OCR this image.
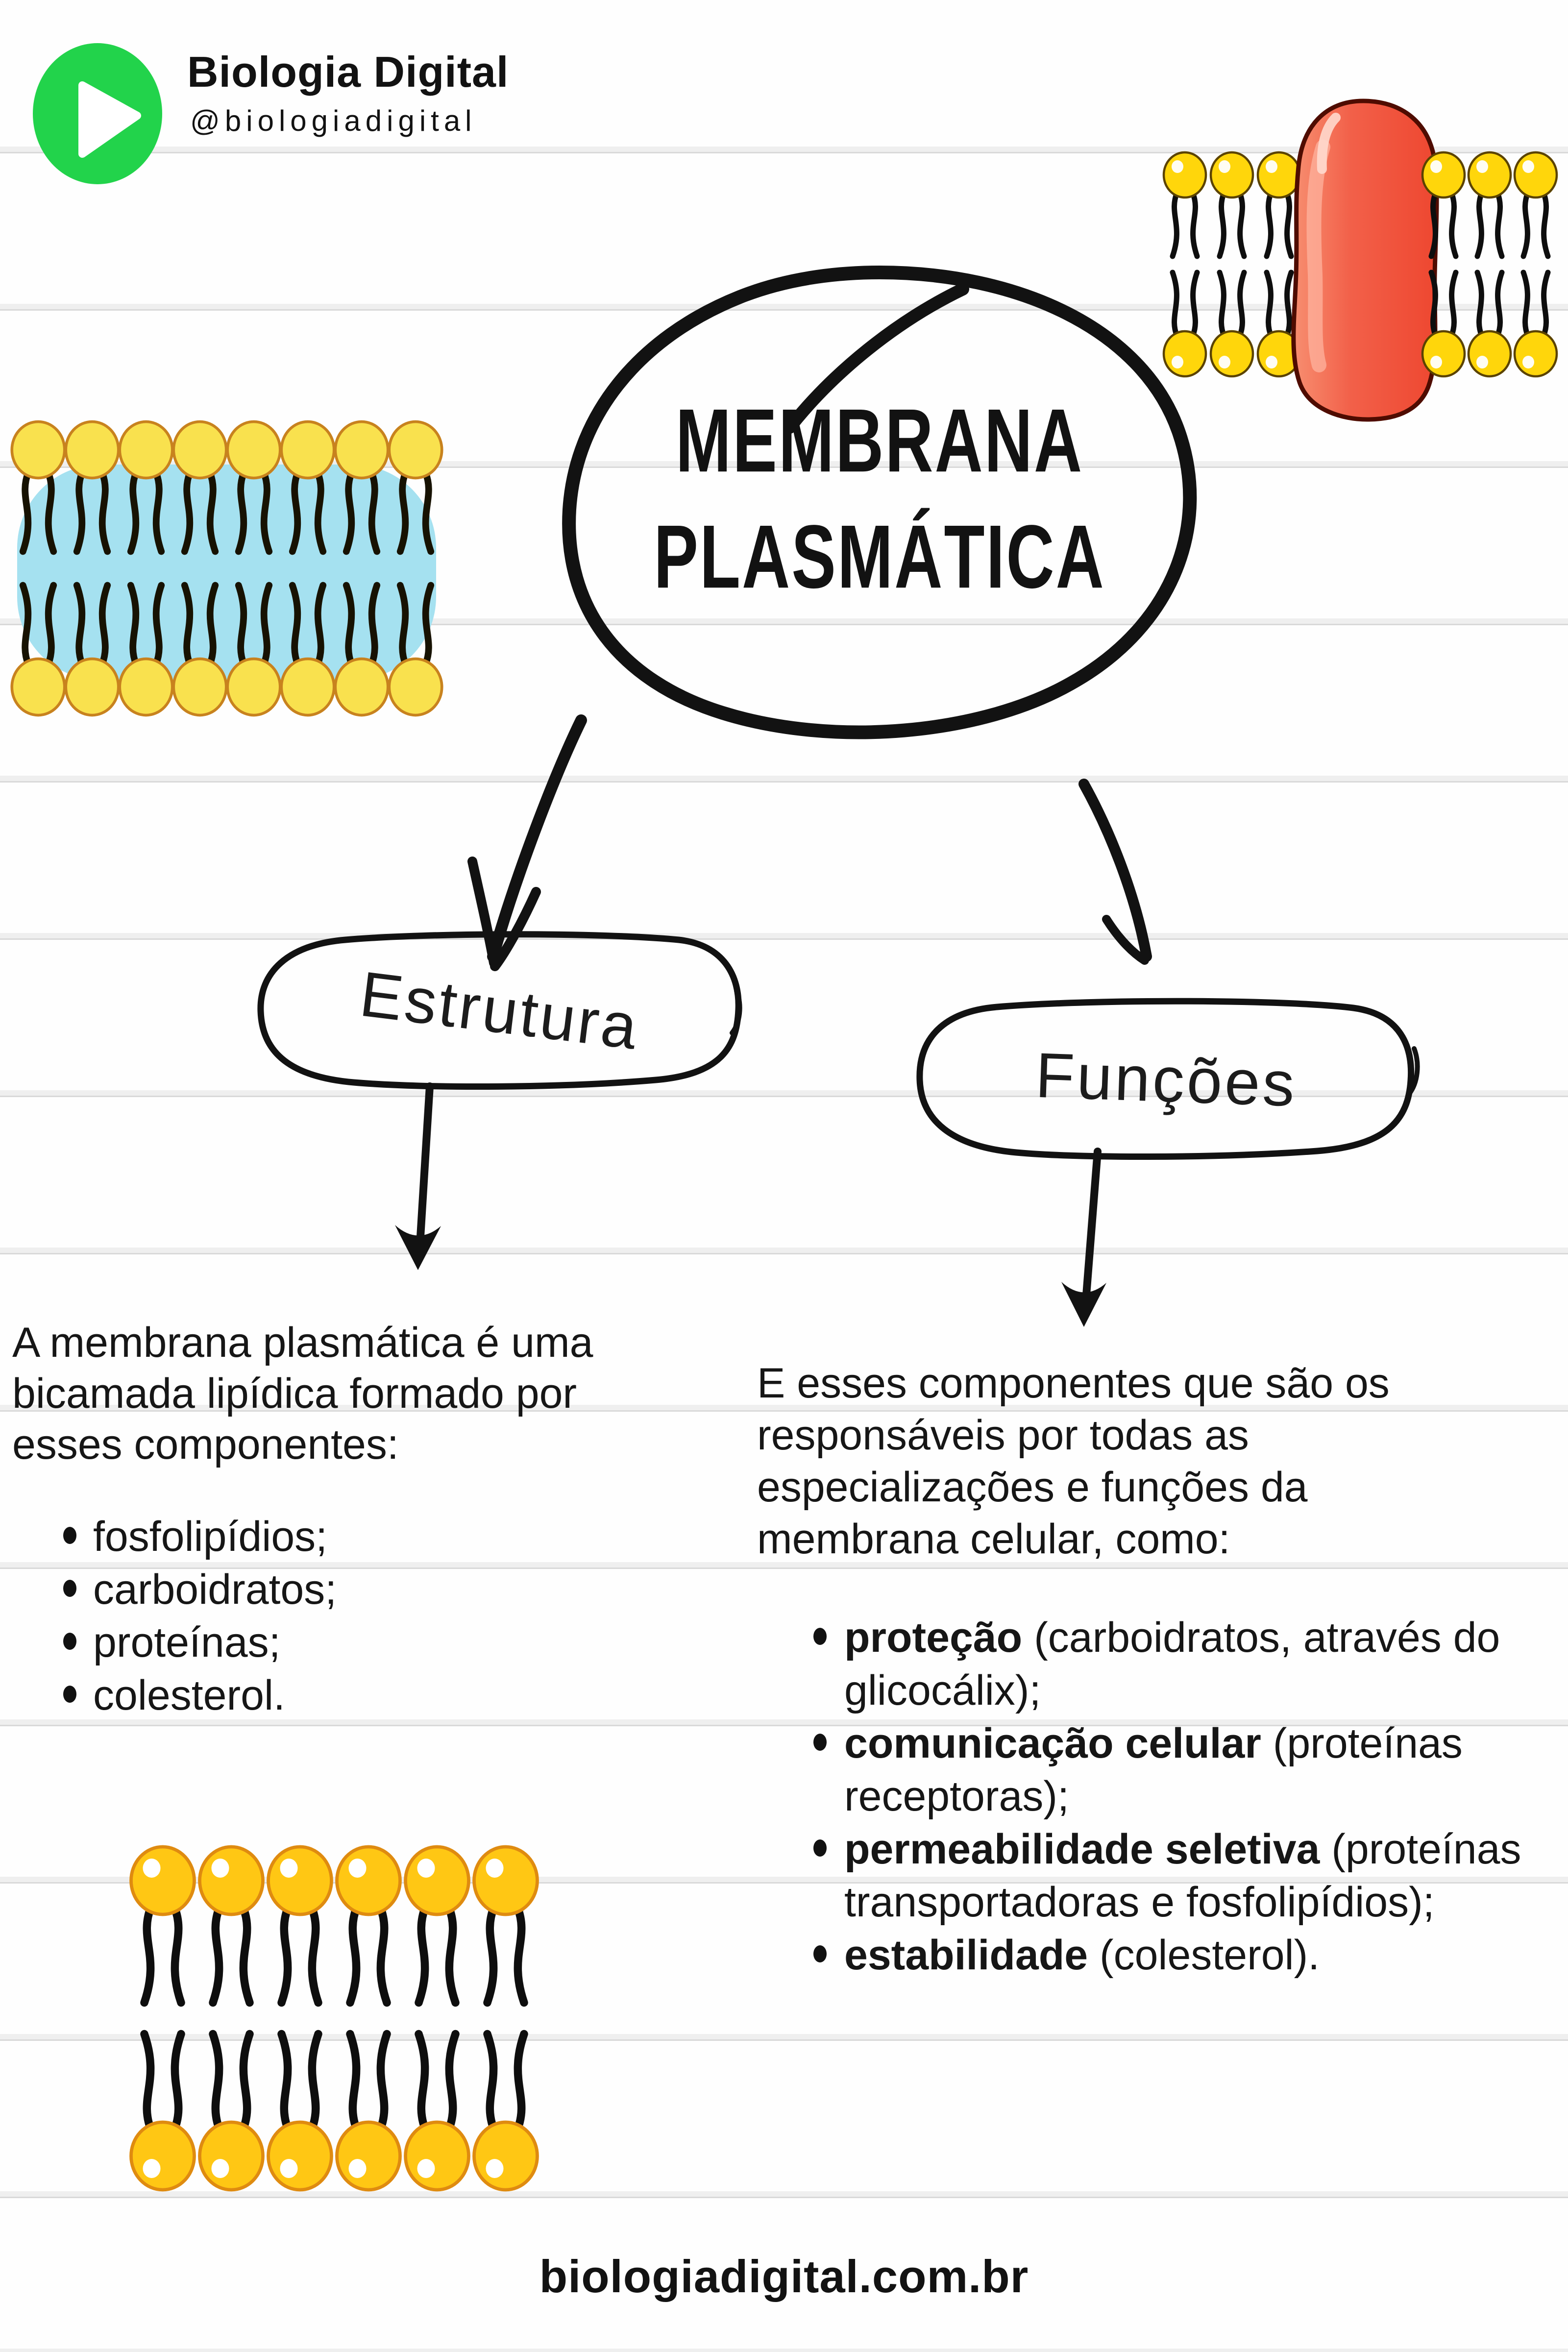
Biologia Digital
@biologiadigital
MEMBRANA
PLASMÁTICA
Estrutura
Funções
A membrana plasmática é uma
bicamada lipídica formado por
esses componentes:
fosfolipídios;
carboidratos;
proteínas;
colesterol.
E esses componentes que são os
responsáveis por todas as
especializações e funções da
membrana celular, como:
proteção (carboidratos, através do glicocálix);
comunicação celular (proteínas receptoras);
permeabilidade seletiva (proteínas transportadoras e fosfolipídios);
estabilidade (colesterol).
biologiadigital.com.br
